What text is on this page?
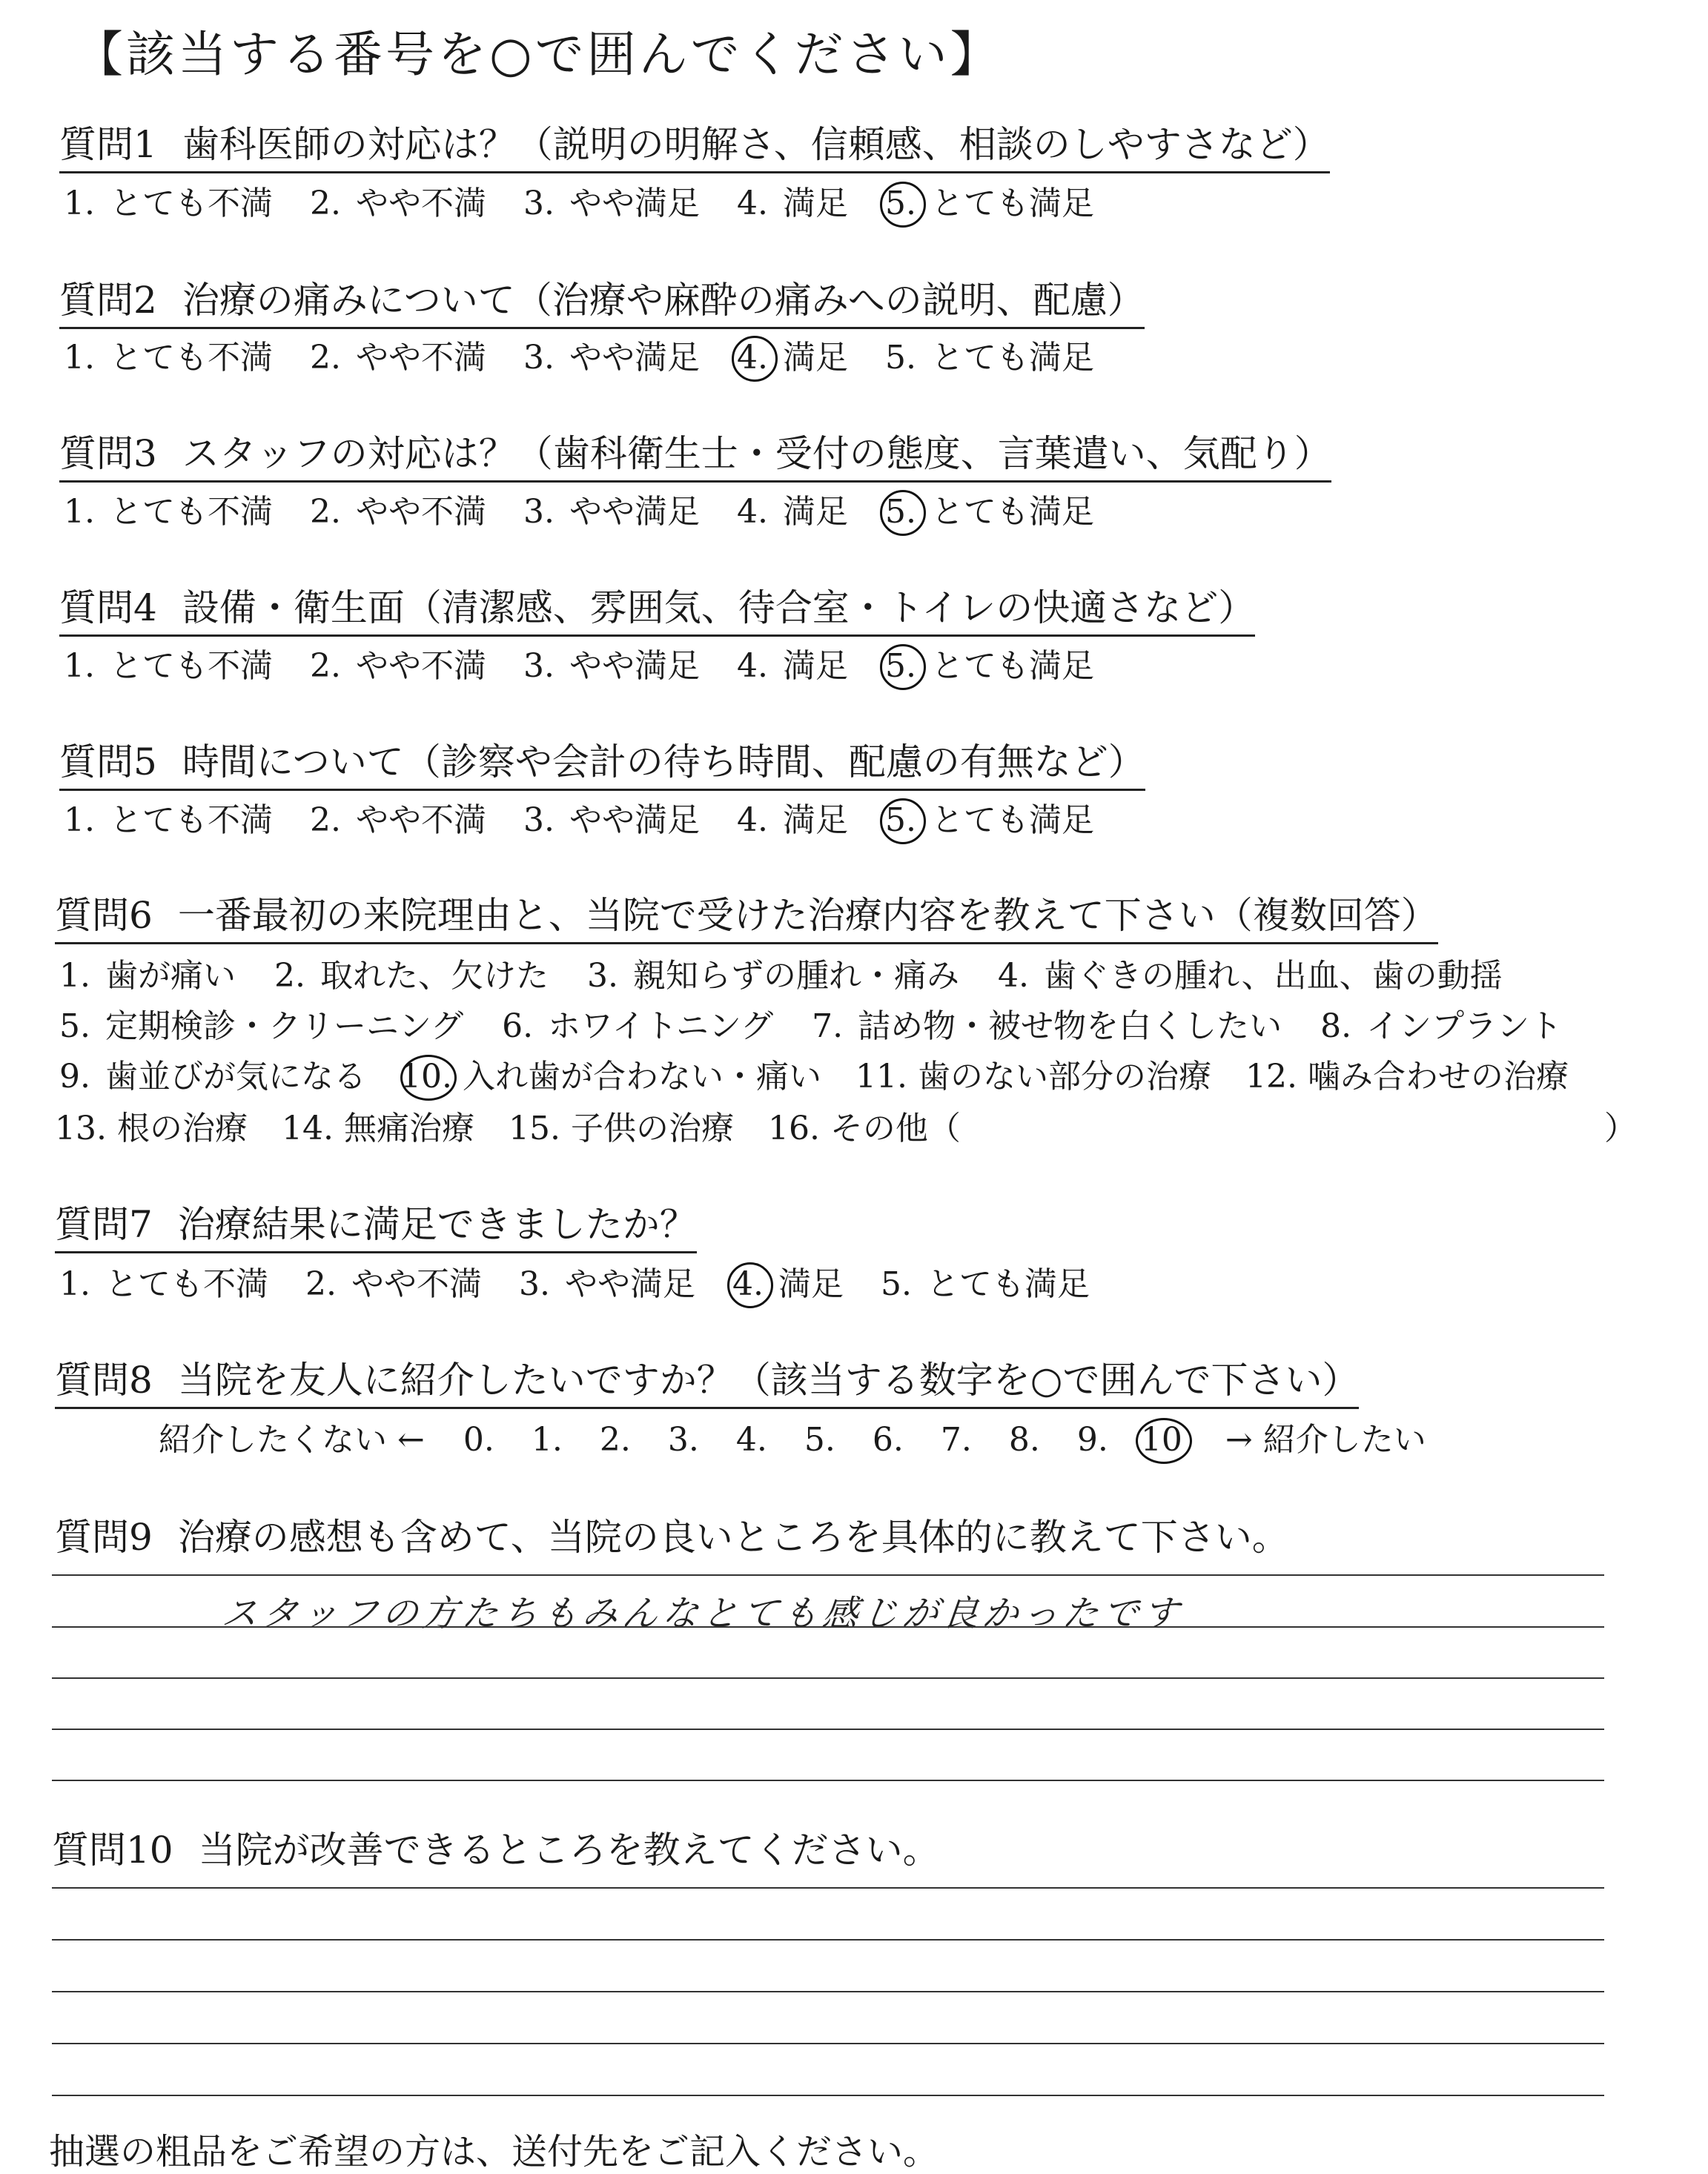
【該当する番号を○で囲んでください】
質問1 歯科医師の対応は？（説明の明解さ、信頼感、相談のしやすさなど）
1. とても不満 2. やや不満 3. やや満足 4. 満足 5. とても満足
質問2 治療の痛みについて（治療や麻酔の痛みへの説明、配慮）
1. とても不満 2. やや不満 3. やや満足 4. 満足 5. とても満足
質問3 スタッフの対応は？（歯科衛生士・受付の態度、言葉遣い、気配り）
1. とても不満 2. やや不満 3. やや満足 4. 満足 5. とても満足
質問4 設備・衛生面（清潔感、雰囲気、待合室・トイレの快適さなど）
1. とても不満 2. やや不満 3. やや満足 4. 満足 5. とても満足
質問5 時間について（診察や会計の待ち時間、配慮の有無など）
1. とても不満 2. やや不満 3. やや満足 4. 満足 5. とても満足
質問6 一番最初の来院理由と、当院で受けた治療内容を教えて下さい（複数回答）
1. 歯が痛い 2. 取れた、欠けた 3. 親知らずの腫れ・痛み 4. 歯ぐきの腫れ、出血、歯の動揺
5. 定期検診・クリーニング 6. ホワイトニング 7. 詰め物・被せ物を白くしたい 8. インプラント
9. 歯並びが気になる 10. 入れ歯が合わない・痛い 11. 歯のない部分の治療 12. 噛み合わせの治療
13. 根の治療 14. 無痛治療 15. 子供の治療 16. その他（	）
質問7 治療結果に満足できましたか？
1. とても不満 2. やや不満 3. やや満足 4. 満足 5. とても満足
質問8 当院を友人に紹介したいですか？（該当する数字を○で囲んで下さい）
紹介したくない ← 0. 1. 2. 3. 4. 5. 6. 7. 8. 9. 10 → 紹介したい
質問9 治療の感想も含めて、当院の良いところを具体的に教えて下さい。
スタッフの方たちもみんなとても感じが良かったです
質問10 当院が改善できるところを教えてください。
抽選の粗品をご希望の方は、送付先をご記入ください。
